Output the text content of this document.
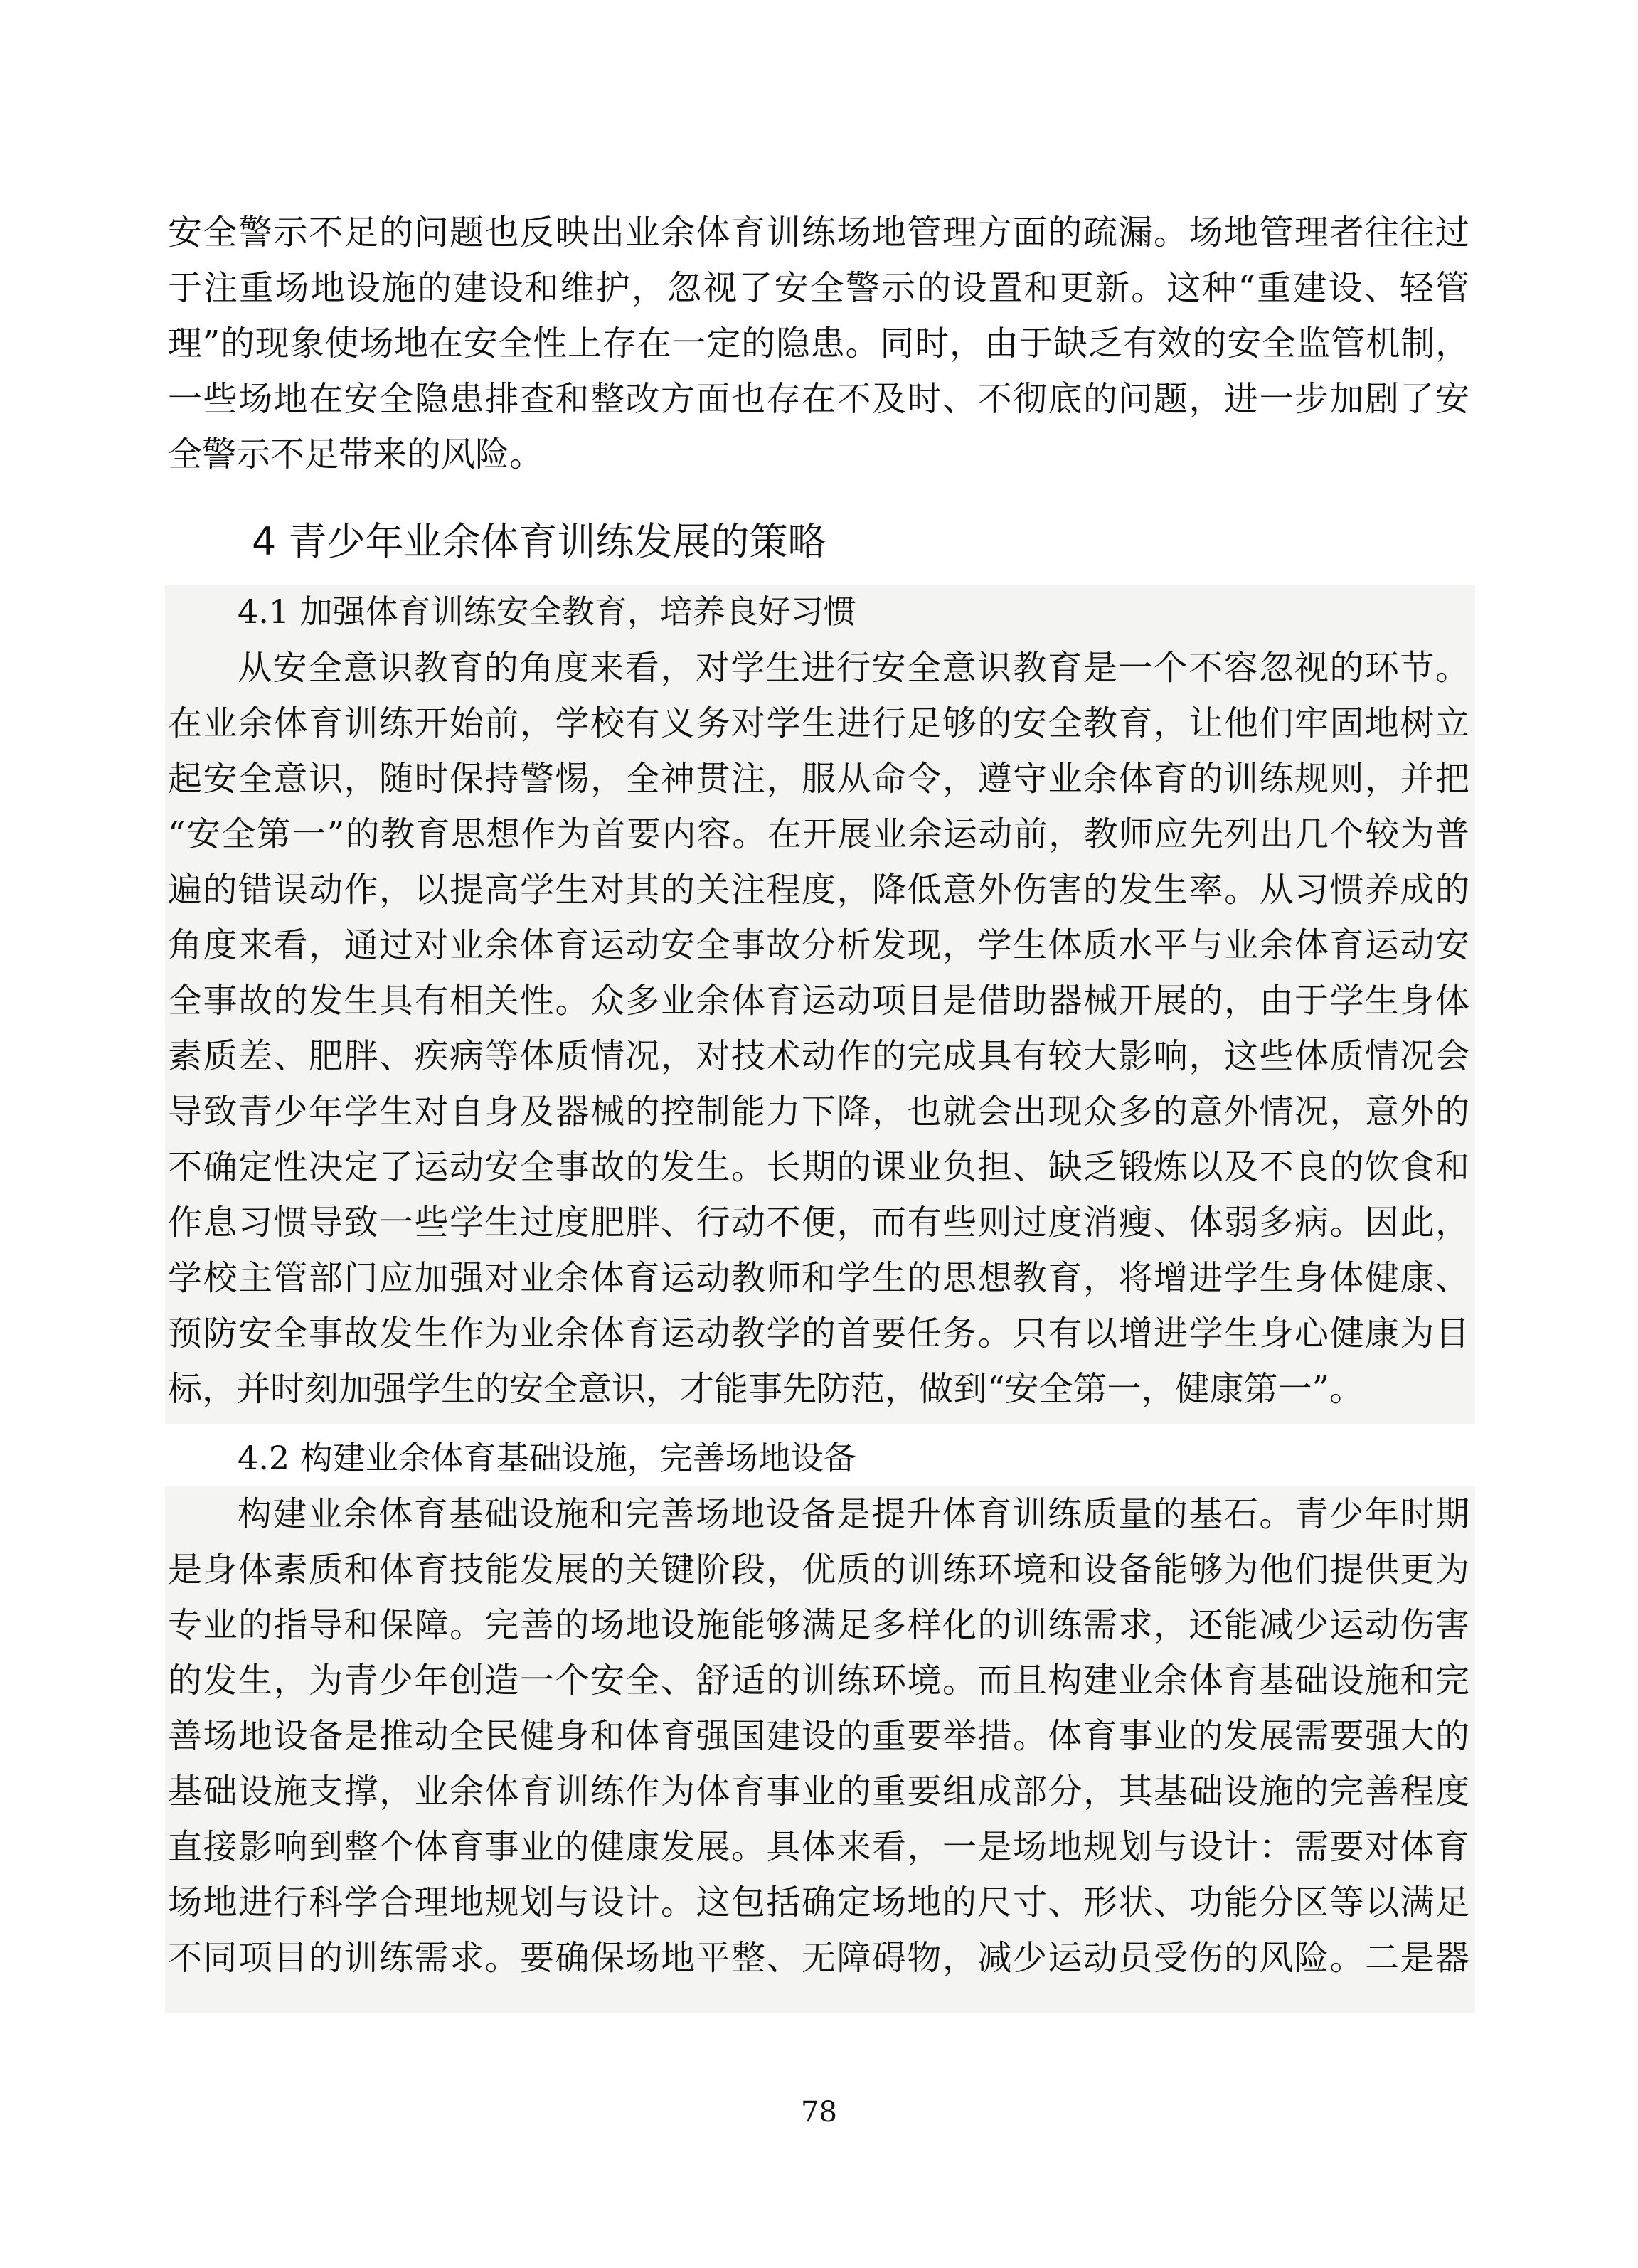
安全警示不足的问题也反映出业余体育训练场地管理方面的疏漏。场地管理者往往过
于注重场地设施的建设和维护，忽视了安全警示的设置和更新。这种“重建设、轻管
理”的现象使场地在安全性上存在一定的隐患。同时，由于缺乏有效的安全监管机制，
一些场地在安全隐患排查和整改方面也存在不及时、不彻底的问题，进一步加剧了安
全警示不足带来的风险。
4 青少年业余体育训练发展的策略
4.1 加强体育训练安全教育，培养良好习惯
从安全意识教育的角度来看，对学生进行安全意识教育是一个不容忽视的环节。
在业余体育训练开始前，学校有义务对学生进行足够的安全教育，让他们牢固地树立
起安全意识，随时保持警惕，全神贯注，服从命令，遵守业余体育的训练规则，并把
“安全第一”的教育思想作为首要内容。在开展业余运动前，教师应先列出几个较为普
遍的错误动作，以提高学生对其的关注程度，降低意外伤害的发生率。从习惯养成的
角度来看，通过对业余体育运动安全事故分析发现，学生体质水平与业余体育运动安
全事故的发生具有相关性。众多业余体育运动项目是借助器械开展的，由于学生身体
素质差、肥胖、疾病等体质情况，对技术动作的完成具有较大影响，这些体质情况会
导致青少年学生对自身及器械的控制能力下降，也就会出现众多的意外情况，意外的
不确定性决定了运动安全事故的发生。长期的课业负担、缺乏锻炼以及不良的饮食和
作息习惯导致一些学生过度肥胖、行动不便，而有些则过度消瘦、体弱多病。因此，
学校主管部门应加强对业余体育运动教师和学生的思想教育，将增进学生身体健康、
预防安全事故发生作为业余体育运动教学的首要任务。只有以增进学生身心健康为目
标，并时刻加强学生的安全意识，才能事先防范，做到“安全第一，健康第一”。
4.2 构建业余体育基础设施，完善场地设备
构建业余体育基础设施和完善场地设备是提升体育训练质量的基石。青少年时期
是身体素质和体育技能发展的关键阶段，优质的训练环境和设备能够为他们提供更为
专业的指导和保障。完善的场地设施能够满足多样化的训练需求，还能减少运动伤害
的发生，为青少年创造一个安全、舒适的训练环境。而且构建业余体育基础设施和完
善场地设备是推动全民健身和体育强国建设的重要举措。体育事业的发展需要强大的
基础设施支撑，业余体育训练作为体育事业的重要组成部分，其基础设施的完善程度
直接影响到整个体育事业的健康发展。具体来看，一是场地规划与设计：需要对体育
场地进行科学合理地规划与设计。这包括确定场地的尺寸、形状、功能分区等以满足
不同项目的训练需求。要确保场地平整、无障碍物，减少运动员受伤的风险。二是器
78
